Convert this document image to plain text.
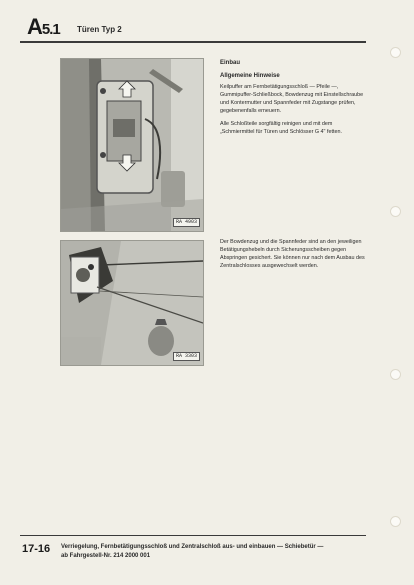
A5.1 Türen Typ 2
RA 4903
RA 3303
Einbau
Allgemeine Hinweise

Keilpuffer am Fernbetätigungsschloß — Pfeile —, Gummipuffer-Schließbock, Bowdenzug mit Einstellschraube und Kontermutter und Spannfeder mit Zugstange prüfen, gegebenenfalls erneuern.

Alle Schloßteile sorgfältig reinigen und mit dem „Schmiermittel für Türen und Schlösser G 4" fetten.

Der Bowdenzug und die Spannfeder sind an den jeweiligen Betätigungshebeln durch Sicherungsscheiben gegen Abspringen gesichert. Sie können nur nach dem Ausbau des Zentralschlosses ausgewechselt werden.

17-16 Verriegelung, Fernbetätigungsschloß und Zentralschloß aus- und einbauen — Schiebetür —
ab Fahrgestell-Nr. 214 2000 001
